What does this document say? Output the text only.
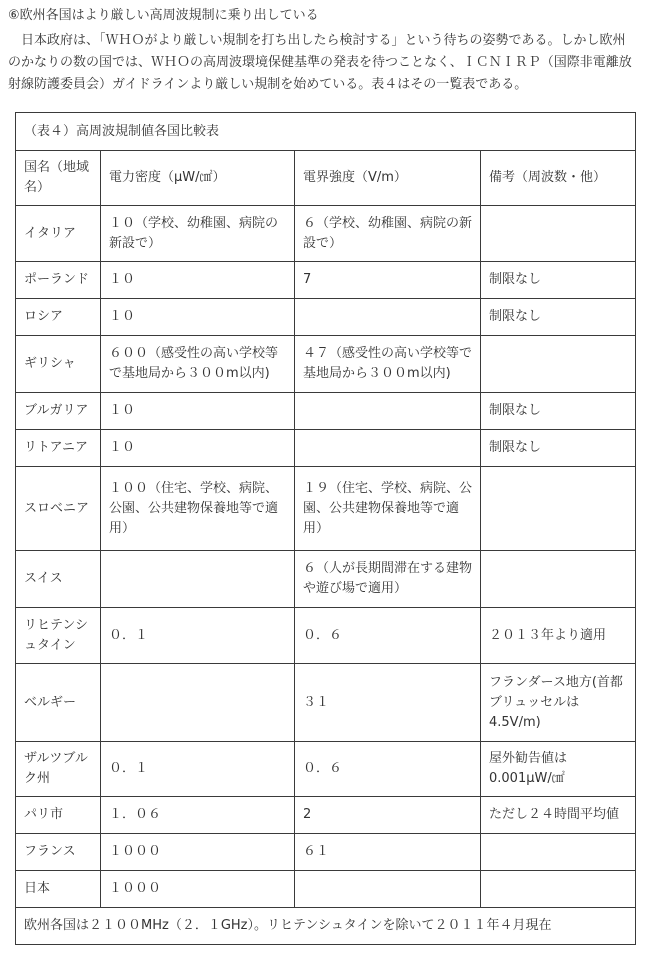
⑥欧州各国はより厳しい高周波規制に乗り出している

　日本政府は、「ＷＨＯがより厳しい規制を打ち出したら検討する」という待ちの姿勢である。しかし欧州のかなりの数の国では、ＷＨＯの高周波環境保健基準の発表を待つことなく、ＩＣＮＩＲＰ（国際非電離放射線防護委員会）ガイドラインより厳しい規制を始めている。表４はその一覧表である。

（表４）高周波規制値各国比較表			
国名（地域名）	電力密度（µW/㎠）	電界強度（V/m）	備考（周波数・他）
イタリア	１０（学校、幼稚園、病院の新設で）	６（学校、幼稚園、病院の新設で）	
ポーランド	１０	7	制限なし
ロシア	１０		制限なし
ギリシャ	６００（感受性の高い学校等で基地局から３００m以内)	４７（感受性の高い学校等で基地局から３００m以内)	
ブルガリア	１０		制限なし
リトアニア	１０		制限なし
スロベニア	１００（住宅、学校、病院、公園、公共建物保養地等で適用）	１９（住宅、学校、病院、公園、公共建物保養地等で適用）	
スイス		６（人が長期間滞在する建物や遊び場で適用）	
リヒテンシュタイン	０．１	０．６	２０１３年より適用
ベルギー		３１	フランダース地方(首都ブリュッセルは4.5V/m)
ザルツブルク州	０．１	０．６	屋外勧告値は0.001µW/㎠
パリ市	１．０６	2	ただし２４時間平均値
フランス	１０００	６１	
日本	１０００		
欧州各国は２１００MHz（２．１GHz）。リヒテンシュタインを除いて２０１１年４月現在			
